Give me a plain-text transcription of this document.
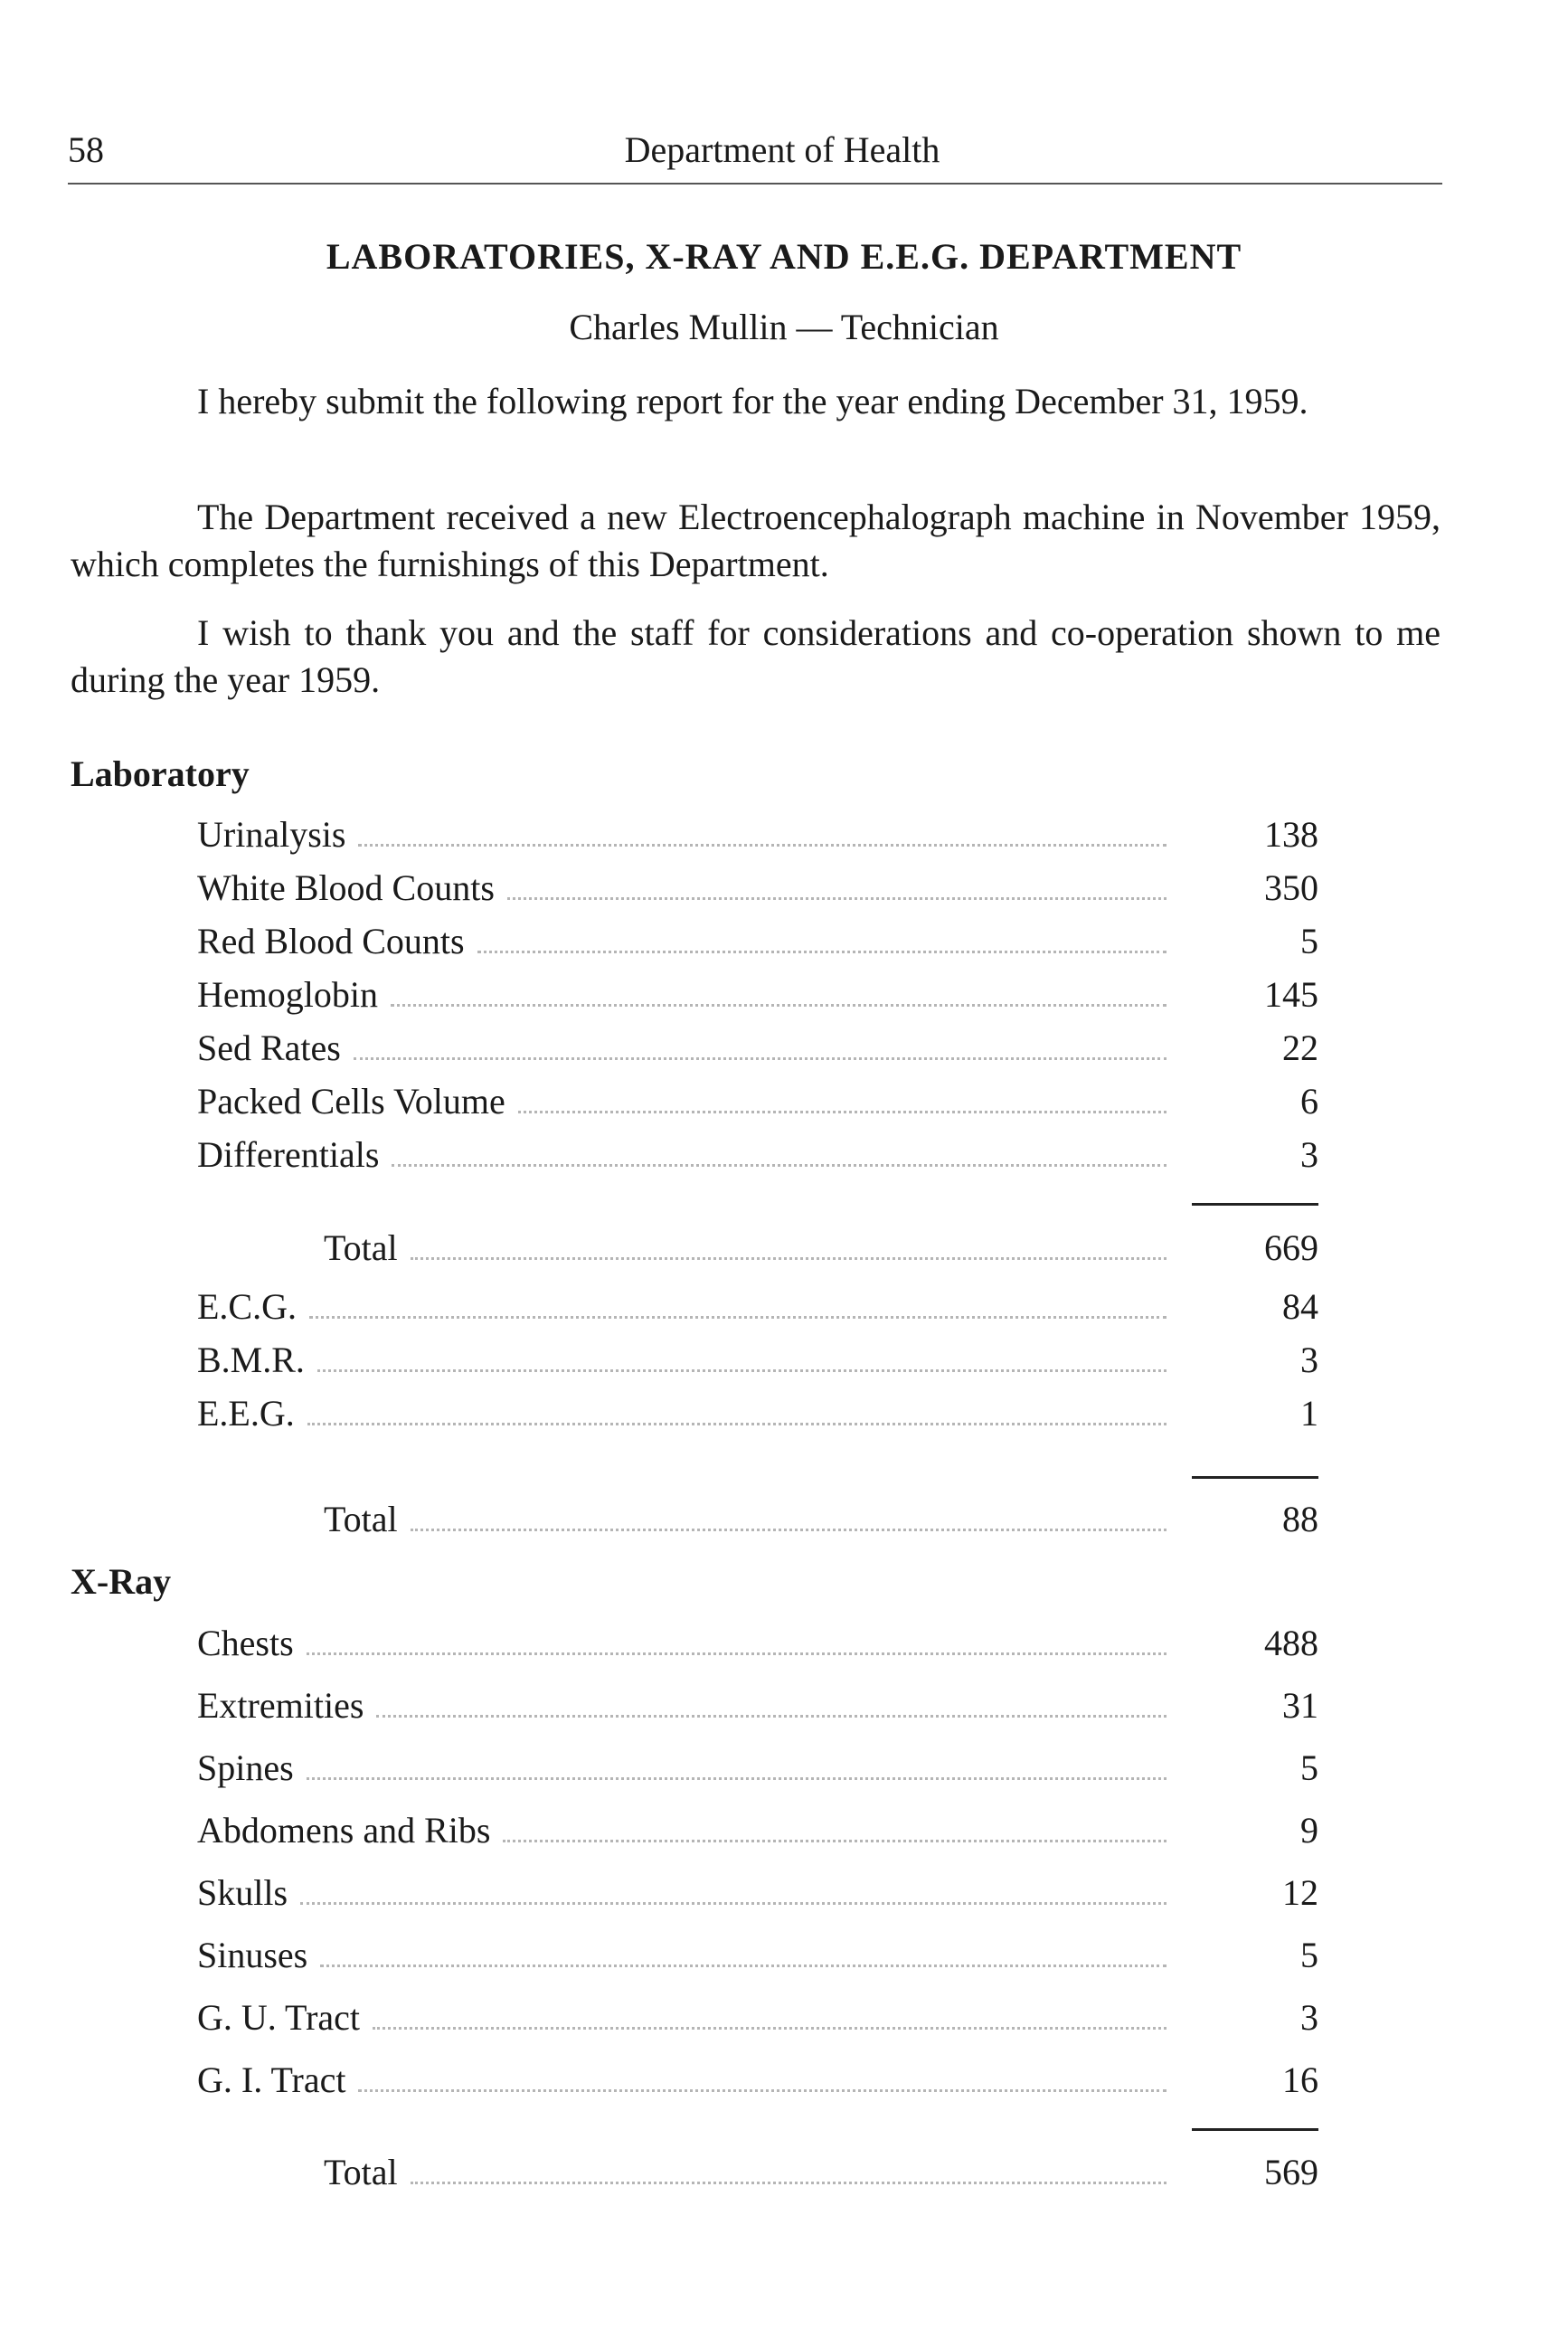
58	Department of Health
LABORATORIES, X-RAY AND E.E.G. DEPARTMENT
Charles Mullin — Technician

I hereby submit the following report for the year ending December 31, 1959.

The Department received a new Electroencephalograph machine in November 1959, which completes the furnishings of this Department.

I wish to thank you and the staff for considerations and co-operation shown to me during the year 1959.

Laboratory
Urinalysis	138
White Blood Counts	350
Red Blood Counts	5
Hemoglobin	145
Sed Rates	22
Packed Cells Volume	6
Differentials	3
Total	669
E.C.G.	84
B.M.R.	3
E.E.G.	1
Total	88
X-Ray
Chests	488
Extremities	31
Spines	5
Abdomens and Ribs	9
Skulls	12
Sinuses	5
G. U. Tract	3
G. I. Tract	16
Total	569
